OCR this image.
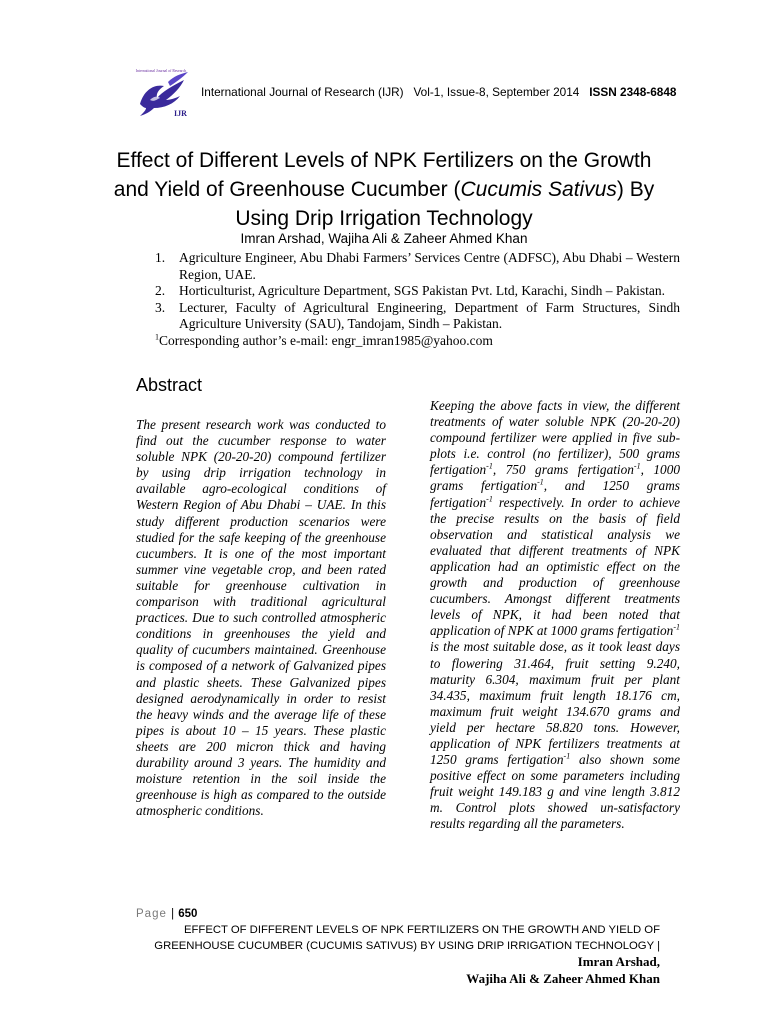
International Journal of Research
IJR
International Journal of Research (IJR) Vol-1, Issue-8, September 2014 ISSN 2348-6848
Effect of Different Levels of NPK Fertilizers on the Growth and Yield of Greenhouse Cucumber (Cucumis Sativus) By Using Drip Irrigation Technology
Imran Arshad, Wajiha Ali & Zaheer Ahmed Khan
1. Agriculture Engineer, Abu Dhabi Farmers’ Services Centre (ADFSC), Abu Dhabi – Western Region, UAE.
2. Horticulturist, Agriculture Department, SGS Pakistan Pvt. Ltd, Karachi, Sindh – Pakistan.
3. Lecturer, Faculty of Agricultural Engineering, Department of Farm Structures, Sindh Agriculture University (SAU), Tandojam, Sindh – Pakistan.
$^1$Corresponding author’s e-mail: engr_imran1985@yahoo.com
Abstract
The present research work was conducted to find out the cucumber response to water soluble NPK (20-20-20) compound fertilizer by using drip irrigation technology in available agro-ecological conditions of Western Region of Abu Dhabi – UAE. In this study different production scenarios were studied for the safe keeping of the greenhouse cucumbers. It is one of the most important summer vine vegetable crop, and been rated suitable for greenhouse cultivation in comparison with traditional agricultural practices. Due to such controlled atmospheric conditions in greenhouses the yield and quality of cucumbers maintained. Greenhouse is composed of a network of Galvanized pipes and plastic sheets. These Galvanized pipes designed aerodynamically in order to resist the heavy winds and the average life of these pipes is about 10 – 15 years. These plastic sheets are 200 micron thick and having durability around 3 years. The humidity and moisture retention in the soil inside the greenhouse is high as compared to the outside atmospheric conditions.
Keeping the above facts in view, the different treatments of water soluble NPK (20-20-20) compound fertilizer were applied in five sub-plots i.e. control (no fertilizer), 500 grams fertigation$^{-1}$, 750 grams fertigation$^{-1}$, 1000 grams fertigation$^{-1}$, and 1250 grams fertigation$^{-1}$ respectively. In order to achieve the precise results on the basis of field observation and statistical analysis we evaluated that different treatments of NPK application had an optimistic effect on the growth and production of greenhouse cucumbers. Amongst different treatments levels of NPK, it had been noted that application of NPK at 1000 grams fertigation$^{-1}$ is the most suitable dose, as it took least days to flowering 31.464, fruit setting 9.240, maturity 6.304, maximum fruit per plant 34.435, maximum fruit length 18.176 cm, maximum fruit weight 134.670 grams and yield per hectare 58.820 tons. However, application of NPK fertilizers treatments at 1250 grams fertigation$^{-1}$ also shown some positive effect on some parameters including fruit weight 149.183 g and vine length 3.812 m. Control plots showed un-satisfactory results regarding all the parameters.
Page | 650
EFFECT OF DIFFERENT LEVELS OF NPK FERTILIZERS ON THE GROWTH AND YIELD OF GREENHOUSE CUCUMBER (CUCUMIS SATIVUS) BY USING DRIP IRRIGATION TECHNOLOGY | Imran Arshad,
Wajiha Ali & Zaheer Ahmed Khan
